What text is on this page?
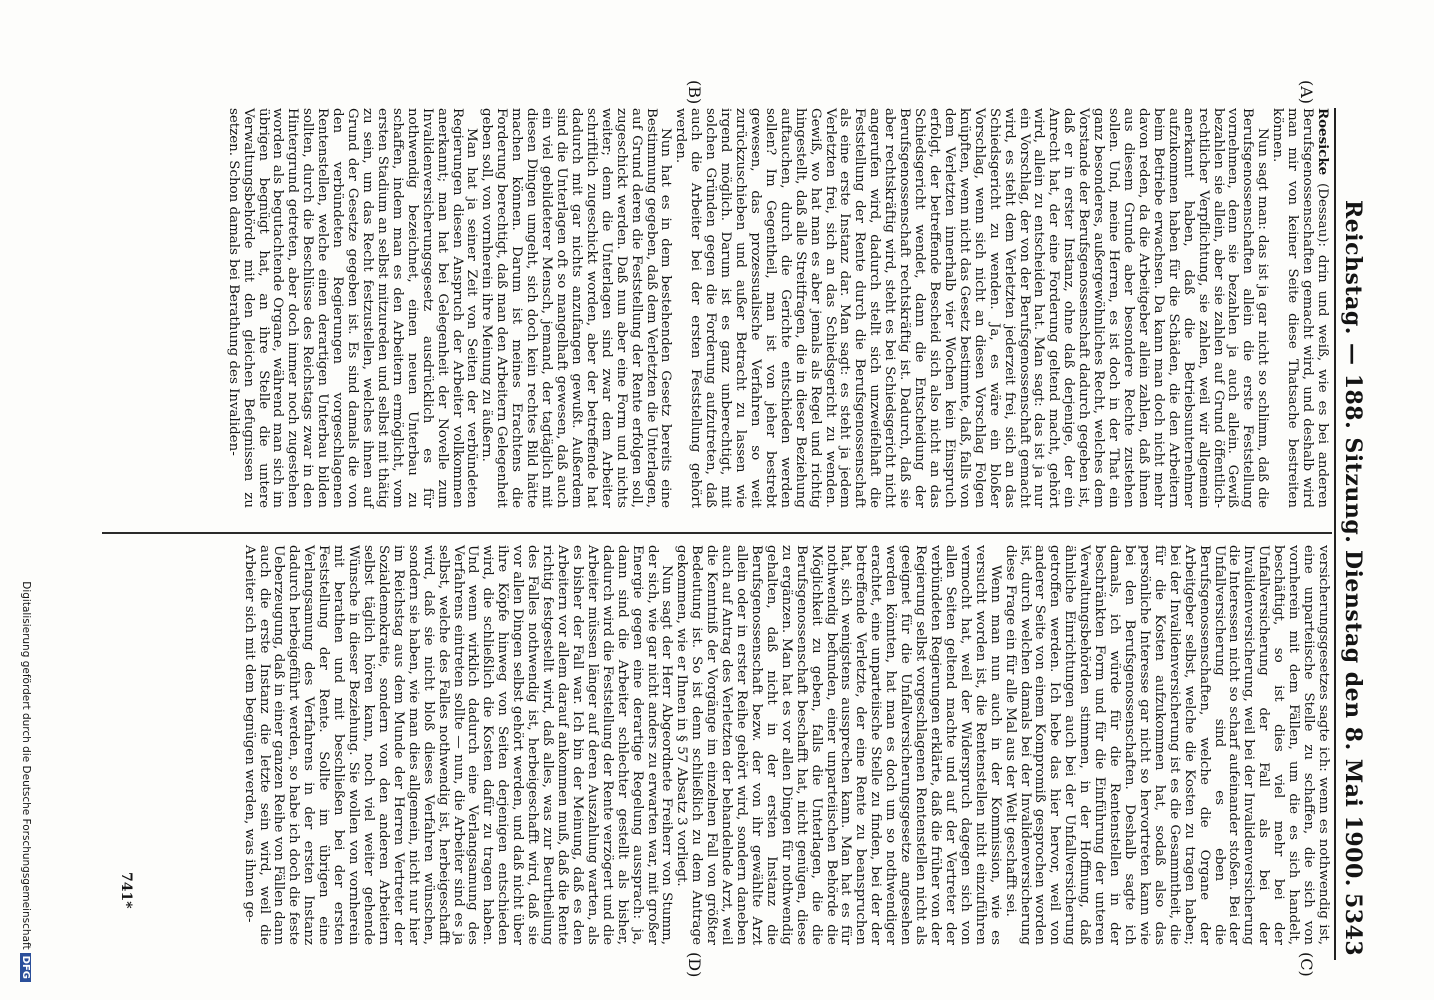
Reichstag. — 188. Sitzung.
Dienstag den 8. Mai 1900.
5343
(A)
(B)
(C)
(D)

Roesicke (Dessau): drin und weiß, wie es bei anderen Berufsgenossenschaften gemacht wird, und deshalb wird man mir von keiner Seite diese Thatsache bestreiten können.

Nun sagt man: das ist ja gar nicht so schlimm, daß die Berufsgenossenschaften allein die erste Feststellung vornehmen, denn sie bezahlen ja auch allein. Gewiß bezahlen sie allein, aber sie zahlen auf Grund öffentlich-rechtlicher Verpflichtung, sie zahlen, weil wir allgemein anerkannt haben, daß die Betriebsunternehmer aufzukommen haben für die Schäden, die den Arbeitern beim Betriebe erwachsen. Da kann man doch nicht mehr davon reden, da die Arbeitgeber allein zahlen, daß ihnen aus diesem Grunde aber besondere Rechte zustehen sollen. Und, meine Herren, es ist doch in der That ein ganz besonderes, außergewöhnliches Recht, welches dem Vorstande der Berufsgenossenschaft dadurch gegeben ist, daß er in erster Instanz, ohne daß derjenige, der ein Anrecht hat, der eine Forderung geltend macht, gehört wird, allein zu entscheiden hat. Man sagt: das ist ja nur ein Vorschlag, der von der Berufsgenossenschaft gemacht wird, es steht dem Verletzten jederzeit frei, sich an das Schiedsgericht zu wenden. Ja, es wäre ein bloßer Vorschlag, wenn sich nicht an diesen Vorschlag Folgen knüpften, wenn nicht das Gesetz bestimmte, daß, falls von dem Verletzten innerhalb vier Wochen kein Einspruch erfolgt, der betreffende Bescheid sich also nicht an das Schiedsgericht wendet, dann die Entscheidung der Berufsgenossenschaft rechtskräftig ist. Dadurch, daß sie aber rechtskräftig wird, steht es bei Schiedsgericht nicht angerufen wird, dadurch stellt sich unzweifelhaft die Feststellung der Rente durch die Berufsgenossenschaft als eine erste Instanz dar. Man sagt: es steht ja jedem Verletzten frei, sich an das Schiedsgericht zu wenden. Gewiß, wo hat man es aber jemals als Regel und richtig hingestellt, daß alle Streitfragen, die in dieser Beziehung auftauchen, durch die Gerichte entschieden werden sollen? Im Gegentheil, man ist von jeher bestrebt gewesen, das prozessualische Verfahren so weit zurückzuschieben und außer Betracht zu lassen wie irgend möglich. Darum ist es ganz unberechtigt, mit solchen Gründen gegen die Forderung aufzutreten, daß auch die Arbeiter bei der ersten Feststellung gehört werden.

Nun hat es in dem bestehenden Gesetz bereits eine Bestimmung gegeben, daß dem Verletzten die Unterlagen, auf Grund deren die Feststellung der Rente erfolgen soll, zugeschickt werden. Daß nun aber eine Form und nichts weiter; denn die Unterlagen sind zwar dem Arbeiter schriftlich zugeschickt worden, aber der betreffende hat dadurch mit gar nichts anzufangen gewußt. Außerdem sind die Unterlagen oft so mangelhaft gewesen, daß auch ein viel gebildeterer Mensch, jemand, der tagtäglich mit diesen Dingen umgeht, sich doch kein rechtes Bild hätte machen können. Darum ist meines Erachtens die Forderung berechtigt, daß man den Arbeitern Gelegenheit geben soll, von vornherein ihre Meinung zu äußern.

Man hat ja seiner Zeit von Seiten der verbündeten Regierungen diesen Anspruch der Arbeiter vollkommen anerkannt; man hat bei Gelegenheit der Novelle zum Invalidenversicherungsgesetz ausdrücklich es für nothwendig bezeichnet, einen neuen Unterbau zu schaffen, indem man es den Arbeitern ermöglicht, vom ersten Stadium an selbst mitzureden und selbst mit thätig zu sein, um das Recht festzustellen, welches ihnen auf Grund der Gesetze gegeben ist. Es sind damals die von den verbündeten Regierungen vorgeschlagenen Rentenstellen, welche einen derartigen Unterbau bilden sollten, durch die Beschlüsse des Reichstags zwar in den Hintergrund getreten, aber doch immer noch zugestehen worden als begutachtende Organe, während man sich im übrigen begnügt hat, an ihre Stelle die untere Verwaltungsbehörde mit den gleichen Befugnissen zu setzen. Schon damals bei Berathung des Invaliden-

versicherungsgesetzes sagte ich: wenn es nothwendig ist, eine unparteiische Stelle zu schaffen, die sich von vornherein mit dem Fällen, um die es sich handelt, beschäftigt, so ist dies viel mehr bei der Unfallversicherung der Fall als bei der Invalidenversicherung, weil bei der Invalidenversicherung die Interessen nicht so scharf aufeinander stoßen. Bei der Unfallversicherung sind es eben die Berufsgenossenschaften, welche die Organe der Arbeitgeber selbst, welche die Kosten zu tragen haben; bei der Invalidenversicherung ist es die Gesammtheit, die für die Kosten aufzukommen hat, sodaß also das persönliche Interesse gar nicht so hervortreten kann wie bei den Berufsgenossenschaften. Deshalb sagte ich damals, ich würde für die Rentenstellen in der beschränkten Form und für die Einführung der unteren Verwaltungsbehörden stimmen, in der Hoffnung, daß ähnliche Einrichtungen auch bei der Unfallversicherung getroffen werden. Ich hebe das hier hervor, weil von anderer Seite von einem Kompromiß gesprochen worden ist, durch welchen damals bei der Invalidenversicherung diese Frage ein für alle Mal aus der Welt geschafft sei.

Wenn man nun auch in der Kommission, wie es versucht worden ist, die Rentenstellen nicht einzuführen vermocht hat, weil der Widerspruch dagegen sich von allen Seiten geltend machte und auf der Vertreter der verbündeten Regierungen erklärte, daß die früher von der Regierung selbst vorgeschlagenen Rentenstellen nicht als geeignet für die Unfallversicherungsgesetze angesehen werden könnten, hat man es doch um so nothwendiger erachtet, eine unparteiische Stelle zu finden, bei der der betreffende Verletzte, der eine Rente zu beanspruchen hat, sich wenigstens aussprechen kann. Man hat es für nothwendig befunden, einer unparteiischen Behörde die Möglichkeit zu geben, falls die Unterlagen, die die Berufsgenossenschaft beschafft hat, nicht genügen, diese zu ergänzen. Man hat es vor allen Dingen für nothwendig gehalten, daß nicht in der ersten Instanz die Berufsgenossenschaft bezw. der von ihr gewählte Arzt allein oder in erster Reihe gehört wird, sondern daneben auch auf Antrag des Verletzten der behandelnde Arzt, weil die Kenntniß der Vorgänge im einzelnen Fall von größter Bedeutung ist. So ist denn schließlich zu dem Antrage gekommen, wie er Ihnen in § 57 Absatz 3 vorliegt.

Nun sagt der Herr Abgeordnete Freiherr von Stumm, der sich, wie gar nicht anders zu erwarten war, mit großer Energie gegen eine derartige Regelung aussprach: ja, dann sind die Arbeiter schlechter gestellt als bisher, dadurch wird die Feststellung der Rente verzögert und die Arbeiter müssen länger auf deren Auszahlung warten, als es bisher der Fall war. Ich bin der Meinung, daß es den Arbeitern vor allem darauf ankommen muß, daß die Rente richtig festgestellt wird, daß alles, was zur Beurtheilung des Falles nothwendig ist, herbeigeschafft wird, daß sie vor allen Dingen selbst gehört werden, und daß nicht über ihre Köpfe hinweg von Seiten derjenigen entschieden wird, die schließlich die Kosten dafür zu tragen haben. Und wenn wirklich dadurch eine Verlangsamung des Verfahrens eintreten sollte — nun, die Arbeiter sind es ja selbst, welche des Falles nothwendig ist, herbeigeschafft wird, daß sie nicht bloß dieses Verfahren wünschen, sondern sie haben, wie man dies allgemein, nicht nur hier im Reichstag aus dem Munde der Herren Vertreter der Sozialdemokratie, sondern von den anderen Arbeitern selbst täglich hören kann, noch viel weiter gehende Wünsche in dieser Beziehung. Sie wollen von vornherein mit berathen und mit beschließen bei der ersten Feststellung der Rente. Sollte im übrigen eine Verlangsamung des Verfahrens in der ersten Instanz dadurch herbeigeführt werden, so habe ich doch die feste Ueberzeugung, daß in einer ganzen Reihe von Fällen dann auch die erste Instanz die letzte sein wird, weil die Arbeiter sich mit dem begnügen werden, was ihnen ge-

741*
Digitalisierung gefördert durch die Deutsche ForschungsgemeinschaftDFG
